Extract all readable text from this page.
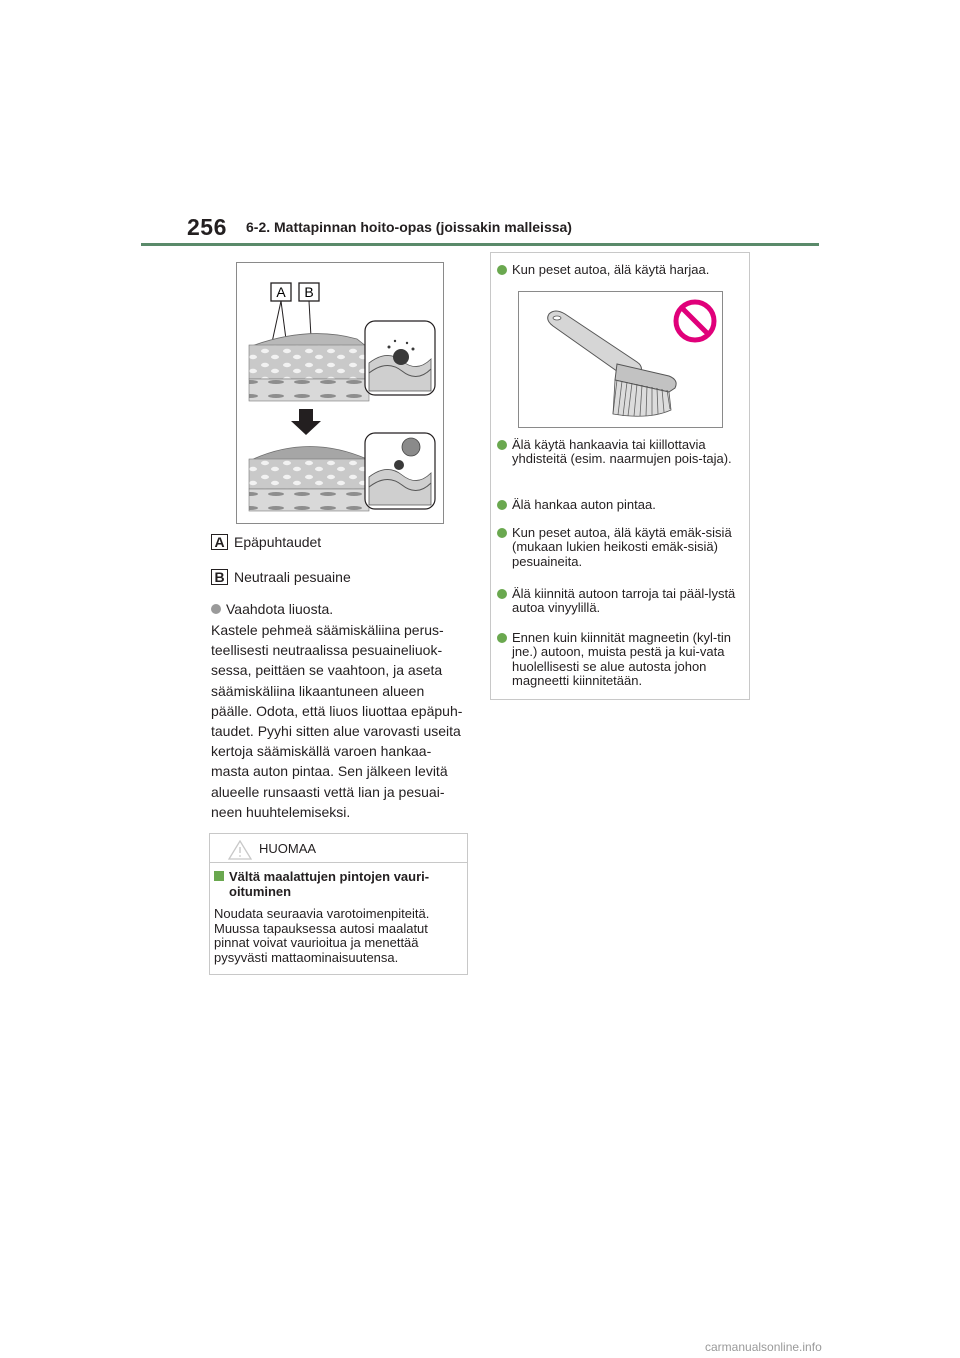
256 6-2. Mattapinnan hoito-opas (joissakin malleissa)
A B
A Epäpuhtaudet
B Neutraali pesuaine
Vaahdota liuosta.
Kastele pehmeä säämiskäliina perus-teellisesti neutraalissa pesuaineliuok-sessa, peittäen se vaahtoon, ja aseta säämiskäliina likaantuneen alueen päälle. Odota, että liuos liuottaa epäpuh-taudet. Pyyhi sitten alue varovasti useita kertoja säämiskällä varoen hankaa-masta auton pintaa. Sen jälkeen levitä alueelle runsaasti vettä lian ja pesuai-neen huuhtelemiseksi.
HUOMAA
Vältä maalattujen pintojen vauri-oituminen
Noudata seuraavia varotoimenpiteitä. Muussa tapauksessa autosi maalatut pinnat voivat vaurioitua ja menettää pysyvästi mattaominaisuutensa.
Kun peset autoa, älä käytä harjaa.
Älä käytä hankaavia tai kiillottavia yhdisteitä (esim. naarmujen pois-taja).
Älä hankaa auton pintaa.
Kun peset autoa, älä käytä emäk-sisiä (mukaan lukien heikosti emäk-sisiä) pesuaineita.
Älä kiinnitä autoon tarroja tai pääl-lystä autoa vinyylillä.
Ennen kuin kiinnität magneetin (kyl-tin jne.) autoon, muista pestä ja kui-vata huolellisesti se alue autosta johon magneetti kiinnitetään.
carmanualsonline.info
